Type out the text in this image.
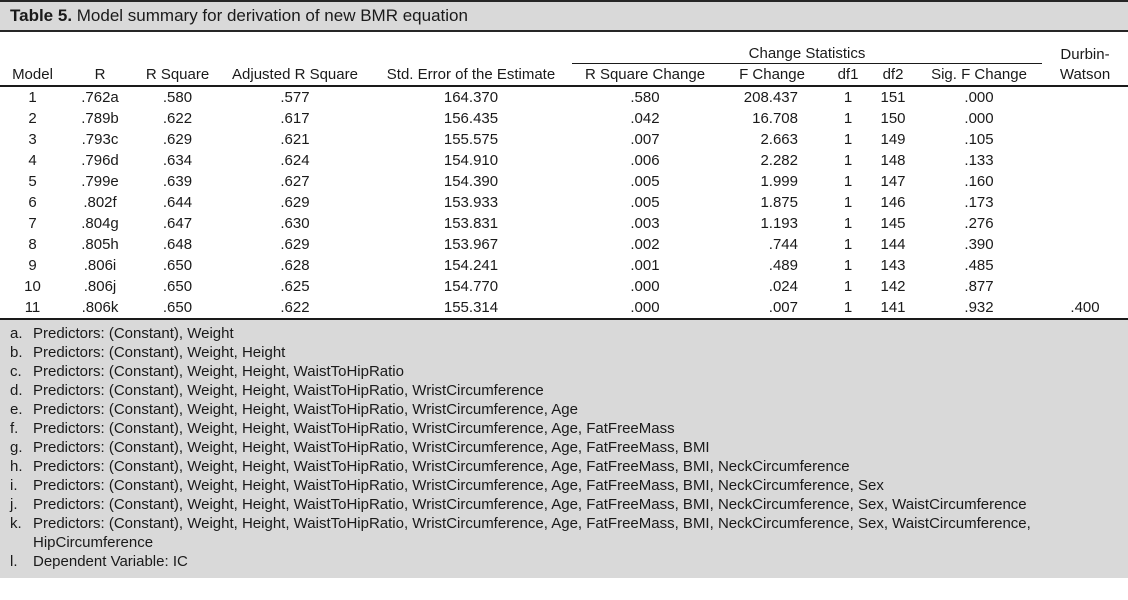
Table 5. Model summary for derivation of new BMR equation
					Change Statistics					Durbin-
Model	R	R Square	Adjusted R Square	Std. Error of the Estimate	R Square Change	F Change	df1	df2	Sig. F Change	Watson
1	.762a	.580	.577	164.370	.580	208.437	1	151	.000	
2	.789b	.622	.617	156.435	.042	16.708	1	150	.000	
3	.793c	.629	.621	155.575	.007	2.663	1	149	.105	
4	.796d	.634	.624	154.910	.006	2.282	1	148	.133	
5	.799e	.639	.627	154.390	.005	1.999	1	147	.160	
6	.802f	.644	.629	153.933	.005	1.875	1	146	.173	
7	.804g	.647	.630	153.831	.003	1.193	1	145	.276	
8	.805h	.648	.629	153.967	.002	.744	1	144	.390	
9	.806i	.650	.628	154.241	.001	.489	1	143	.485	
10	.806j	.650	.625	154.770	.000	.024	1	142	.877	
11	.806k	.650	.622	155.314	.000	.007	1	141	.932	.400
a. Predictors: (Constant), Weight
b. Predictors: (Constant), Weight, Height
c. Predictors: (Constant), Weight, Height, WaistToHipRatio
d. Predictors: (Constant), Weight, Height, WaistToHipRatio, WristCircumference
e. Predictors: (Constant), Weight, Height, WaistToHipRatio, WristCircumference, Age
f. Predictors: (Constant), Weight, Height, WaistToHipRatio, WristCircumference, Age, FatFreeMass
g. Predictors: (Constant), Weight, Height, WaistToHipRatio, WristCircumference, Age, FatFreeMass, BMI
h. Predictors: (Constant), Weight, Height, WaistToHipRatio, WristCircumference, Age, FatFreeMass, BMI, NeckCircumference
i.	Predictors: (Constant), Weight, Height, WaistToHipRatio, WristCircumference, Age, FatFreeMass, BMI, NeckCircumference, Sex
j.	Predictors: (Constant), Weight, Height, WaistToHipRatio, WristCircumference, Age, FatFreeMass, BMI, NeckCircumference, Sex, WaistCircumference
k. Predictors: (Constant), Weight, Height, WaistToHipRatio, WristCircumference, Age, FatFreeMass, BMI, NeckCircumference, Sex, WaistCircumference, HipCircumference
l.	Dependent Variable: IC
